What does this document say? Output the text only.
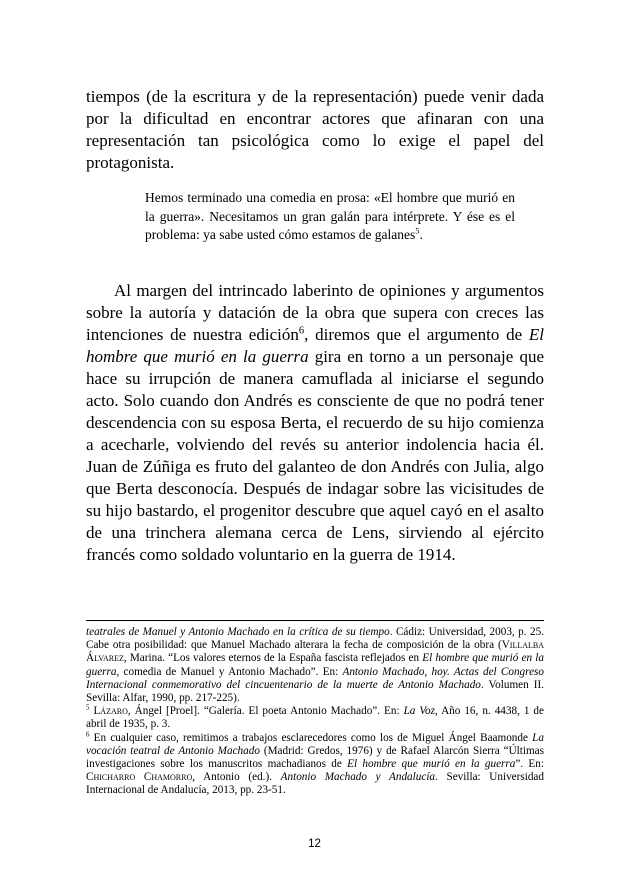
tiempos (de la escritura y de la representación) puede venir dada por la dificultad en encontrar actores que afinaran con una representación tan psicológica como lo exige el papel del protagonista.

Hemos terminado una comedia en prosa: «El hombre que murió en la guerra». Necesitamos un gran galán para intérprete. Y ése es el problema: ya sabe usted cómo estamos de galanes$^5$.

Al margen del intrincado laberinto de opiniones y argumentos sobre la autoría y datación de la obra que supera con creces las intenciones de nuestra edición$^6$, diremos que el argumento de El hombre que murió en la guerra gira en torno a un personaje que hace su irrupción de manera camuflada al iniciarse el segundo acto. Solo cuando don Andrés es consciente de que no podrá tener descendencia con su esposa Berta, el recuerdo de su hijo comienza a acecharle, volviendo del revés su anterior indolencia hacia él. Juan de Zúñiga es fruto del galanteo de don Andrés con Julia, algo que Berta desconocía. Después de indagar sobre las vicisitudes de su hijo bastardo, el progenitor descubre que aquel cayó en el asalto de una trinchera alemana cerca de Lens, sirviendo al ejército francés como soldado voluntario en la guerra de 1914.

teatrales de Manuel y Antonio Machado en la crítica de su tiempo. Cádiz: Universidad, 2003, p. 25. Cabe otra posibilidad: que Manuel Machado alterara la fecha de composición de la obra (Villalba Álvarez, Marina. “Los valores eternos de la España fascista reflejados en El hombre que murió en la guerra, comedia de Manuel y Antonio Machado”. En: Antonio Machado, hoy. Actas del Congreso Internacional conmemorativo del cincuentenario de la muerte de Antonio Machado. Volumen II. Sevilla: Alfar, 1990, pp. 217-225).

$^5$ Lázaro, Ángel [Proel]. “Galería. El poeta Antonio Machado”. En: La Voz, Año 16, n. 4438, 1 de abril de 1935, p. 3.

$^6$ En cualquier caso, remitimos a trabajos esclarecedores como los de Miguel Ángel Baamonde La vocación teatral de Antonio Machado (Madrid: Gredos, 1976) y de Rafael Alarcón Sierra “Últimas investigaciones sobre los manuscritos machadianos de El hombre que murió en la guerra”. En: Chicharro Chamorro, Antonio (ed.). Antonio Machado y Andalucía. Sevilla: Universidad Internacional de Andalucía, 2013, pp. 23-51.

12
